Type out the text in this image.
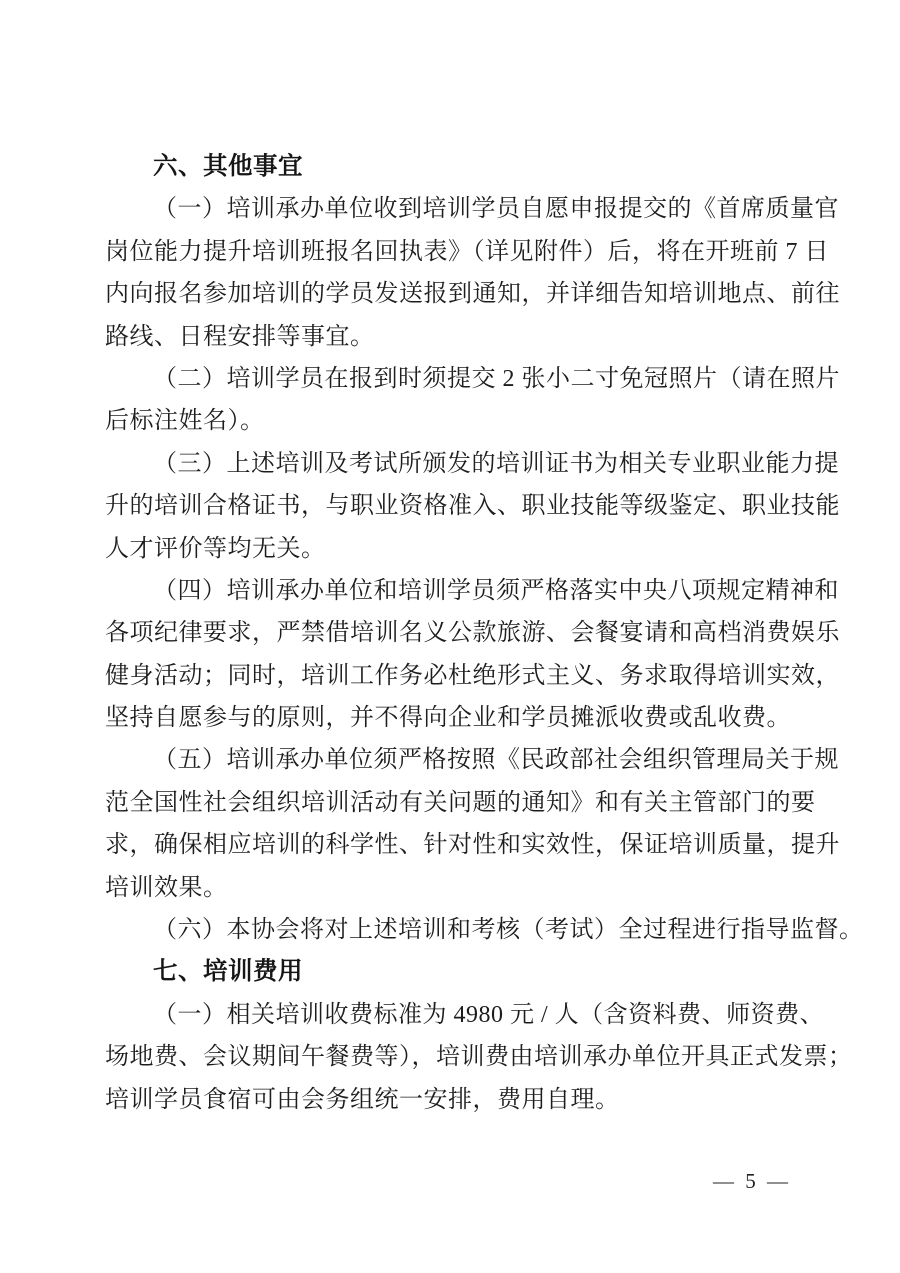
六、其他事宜

（一）培训承办单位收到培训学员自愿申报提交的《首席质量官

岗位能力提升培训班报名回执表》（详见附件）后，将在开班前 7 日

内向报名参加培训的学员发送报到通知，并详细告知培训地点、前往

路线、日程安排等事宜。

（二）培训学员在报到时须提交 2 张小二寸免冠照片（请在照片

后标注姓名）。

（三）上述培训及考试所颁发的培训证书为相关专业职业能力提

升的培训合格证书，与职业资格准入、职业技能等级鉴定、职业技能

人才评价等均无关。

（四）培训承办单位和培训学员须严格落实中央八项规定精神和

各项纪律要求，严禁借培训名义公款旅游、会餐宴请和高档消费娱乐

健身活动；同时，培训工作务必杜绝形式主义、务求取得培训实效，

坚持自愿参与的原则，并不得向企业和学员摊派收费或乱收费。

（五）培训承办单位须严格按照《民政部社会组织管理局关于规

范全国性社会组织培训活动有关问题的通知》和有关主管部门的要

求，确保相应培训的科学性、针对性和实效性，保证培训质量，提升

培训效果。

（六）本协会将对上述培训和考核（考试）全过程进行指导监督。

七、培训费用

（一）相关培训收费标准为 4980 元 / 人（含资料费、师资费、

场地费、会议期间午餐费等），培训费由培训承办单位开具正式发票；

培训学员食宿可由会务组统一安排，费用自理。

— 5 —
